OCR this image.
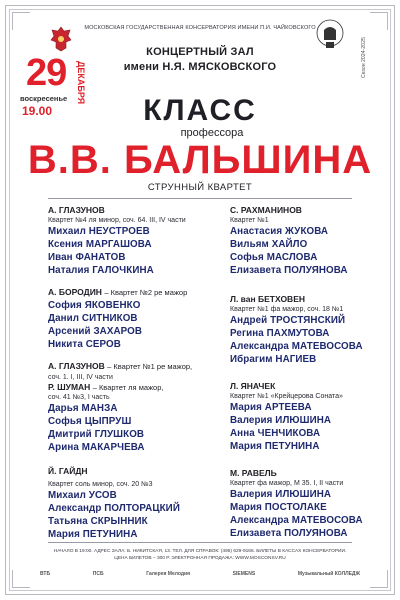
МОСКОВСКАЯ ГОСУДАРСТВЕННАЯ КОНСЕРВАТОРИЯ ИМЕНИ П.И. ЧАЙКОВСКОГО
Сезон 2024-2025
КОНЦЕРТНЫЙ ЗАЛ
имени Н.Я. МЯСКОВСКОГО
29 ДЕКАБРЯ
воскресенье
19.00	КЛАСС
профессора
В.В. БАЛЬШИНА
СТРУННЫЙ КВАРТЕТ
А. ГЛАЗУНОВ
Квартет №4 ля минор, соч. 64. III, IV части
Михаил НЕУСТРОЕВ
Ксения МАРГАШОВА
Иван ФАНАТОВ
Наталия ГАЛОЧКИНА
А. БОРОДИН – Квартет №2 ре мажор
София ЯКОВЕНКО
Данил СИТНИКОВ
Арсений ЗАХАРОВ
Никита СЕРОВ
А. ГЛАЗУНОВ – Квартет №1 ре мажор,
соч. 1. I, III, IV части
Р. ШУМАН – Квартет ля мажор,
соч. 41 №3, I часть
Дарья МАНЗА
Софья ЦЫПРУШ
Дмитрий ГЛУШКОВ
Арина МАКАРЧЕВА
Й. ГАЙДН
Квартет соль минор, соч. 20 №3
Михаил УСОВ
Александр ПОЛТОРАЦКИЙ
Татьяна СКРЫННИК
Мария ПЕТУНИНА
С. РАХМАНИНОВ
Квартет №1
Анастасия ЖУКОВА
Вильям ХАЙЛО
Софья МАСЛОВА
Елизавета ПОЛУЯНОВА
Л. ван БЕТХОВЕН
Квартет №1 фа мажор, соч. 18 №1
Андрей ТРОСТЯНСКИЙ
Регина ПАХМУТОВА
Александра МАТЕВОСОВА
Ибрагим НАГИЕВ
Л. ЯНАЧЕК
Квартет №1 «Крейцерова Соната»
Мария АРТЕЕВА
Валерия ИЛЮШИНА
Анна ЧЕНЧИКОВА
Мария ПЕТУНИНА
М. РАВЕЛЬ
Квартет фа мажор, М 35. I, II части
Валерия ИЛЮШИНА
Мария ПОСТОЛАКЕ
Александра МАТЕВОСОВА
Елизавета ПОЛУЯНОВА
НАЧАЛО В 19:00. АДРЕС ЗАЛА: Б. НИКИТСКАЯ, 13. ТЕЛ. ДЛЯ СПРАВОК: (495) 629-9166. БИЛЕТЫ В КАССАХ КОНСЕРВАТОРИИ.
ЦЕНА БИЛЕТОВ – 300 Р. ЭЛЕКТРОННАЯ ПРОДАЖА: WWW.MOSCONSV.RU
ВТБ	ПСБ	Галерея Мелодия	SIEMENS	Музыкальный КОЛЛЕДЖ
